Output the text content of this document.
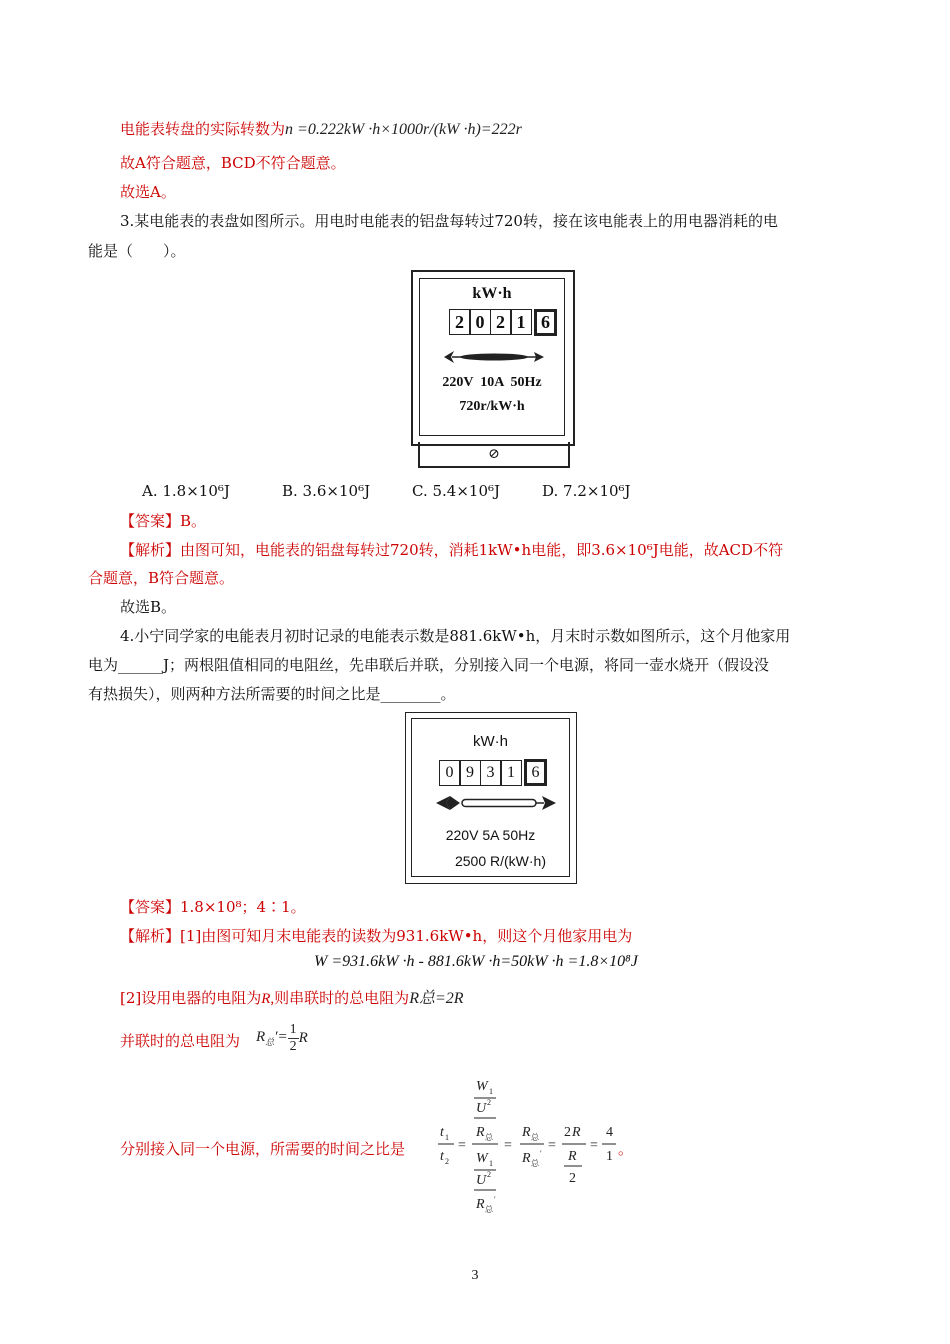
电能表转盘的实际转数为n =0.222kW ·h×1000r/(kW ·h)=222r
故A符合题意，BCD不符合题意。
故选A。
3.某电能表的表盘如图所示。用电时电能表的铝盘每转过720转，接在该电能表上的用电器消耗的电
能是（　　）。
kW·h
2 0 2 1 6
220V  10A  50Hz
720r/kW·h
⊘
A. 1.8×10⁶J	B. 3.6×10⁶J	C. 5.4×10⁶J	D. 7.2×10⁶J
【答案】B。
【解析】由图可知，电能表的铝盘每转过720转，消耗1kW•h电能，即3.6×10⁶J电能，故ACD不符
合题意，B符合题意。
故选B。
4.小宁同学家的电能表月初时记录的电能表示数是881.6kW•h，月末时示数如图所示，这个月他家用
电为______J；两根阻值相同的电阻丝，先串联后并联，分别接入同一个电源，将同一壶水烧开（假设没
有热损失），则两种方法所需要的时间之比是________。
kW·h
0 9 3 1 6
220V 5A 50Hz
2500 R/(kW·h)
【答案】1.8×10⁸；4∶1。
【解析】[1]由图可知月末电能表的读数为931.6kW•h，则这个月他家用电为
W =931.6kW ·h - 881.6kW ·h=50kW ·h =1.8×10⁸J
[2]设用电器的电阻为R,则串联时的总电阻为R总=2R
并联时的总电阻为 $R_总'= \frac{1}{2}$ R
分别接入同一个电源，所需要的时间之比是
t 1
t 2
=
W 1
U 2
R 总
W 1
U 2
R 总
′
=
R 总
R 总
′
=
2 R
R
2
=
4
1 。
3
